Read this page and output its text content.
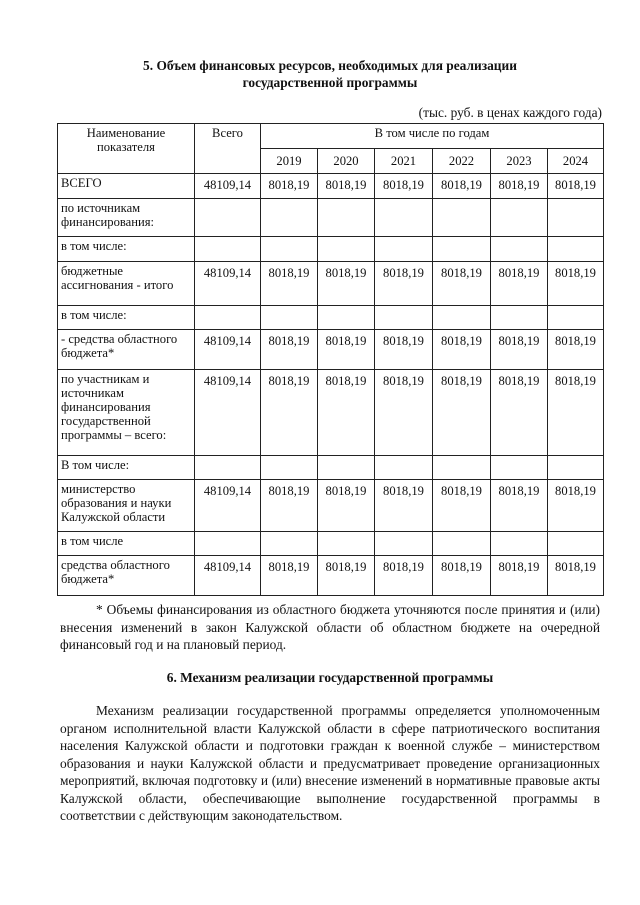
5. Объем финансовых ресурсов, необходимых для реализации
государственной программы
(тыс. руб. в ценах каждого года)
Наименование показателя	Всего	В том числе по годам					
		2019	2020	2021	2022	2023	2024
ВСЕГО	48109,14	8018,19	8018,19	8018,19	8018,19	8018,19	8018,19
по источникам финансирования:							
в том числе:							
бюджетные ассигнования - итого	48109,14	8018,19	8018,19	8018,19	8018,19	8018,19	8018,19
в том числе:							
- средства областного бюджета*	48109,14	8018,19	8018,19	8018,19	8018,19	8018,19	8018,19
по участникам и источникам финансирования государственной программы – всего:	48109,14	8018,19	8018,19	8018,19	8018,19	8018,19	8018,19
В том числе:							
министерство образования и науки Калужской области	48109,14	8018,19	8018,19	8018,19	8018,19	8018,19	8018,19
в том числе							
средства областного бюджета*	48109,14	8018,19	8018,19	8018,19	8018,19	8018,19	8018,19

* Объемы финансирования из областного бюджета уточняются после принятия и (или) внесения изменений в закон Калужской области об областном бюджете на очередной финансовый год и на плановый период.

6. Механизм реализации государственной программы

Механизм реализации государственной программы определяется уполномоченным органом исполнительной власти Калужской области в сфере патриотического воспитания населения Калужской области и подготовки граждан к военной службе – министерством образования и науки Калужской области и предусматривает проведение организационных мероприятий, включая подготовку и (или) внесение изменений в нормативные правовые акты Калужской области, обеспечивающие выполнение государственной программы в соответствии с действующим законодательством.
